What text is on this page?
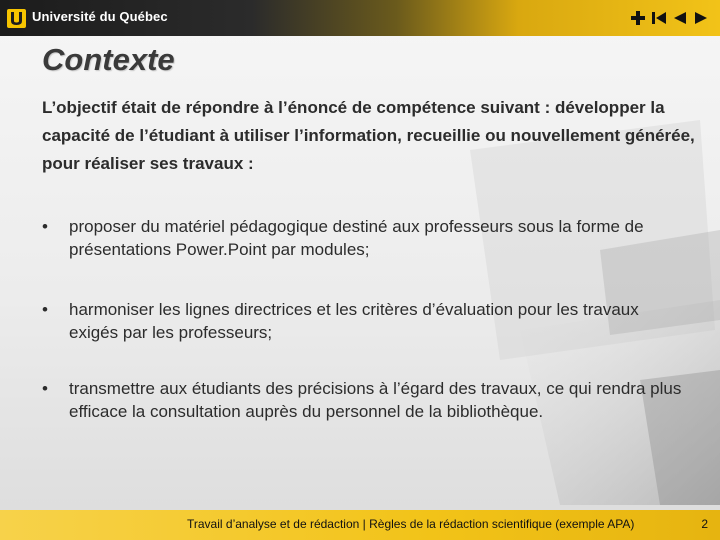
Université du Québec
Contexte
L’objectif était de répondre à l’énoncé de compétence suivant : développer la capacité de l’étudiant à utiliser l’information, recueillie ou nouvellement générée, pour réaliser ses travaux :
• proposer du matériel pédagogique destiné aux professeurs sous la forme de présentations Power.Point par modules;
• harmoniser les lignes directrices et les critères d’évaluation pour les travaux exigés par les professeurs;
• transmettre aux étudiants des précisions à l’égard des travaux, ce qui rendra plus efficace la consultation auprès du personnel de la bibliothèque.
Travail d’analyse et de rédaction | Règles de la rédaction scientifique (exemple APA)	2
